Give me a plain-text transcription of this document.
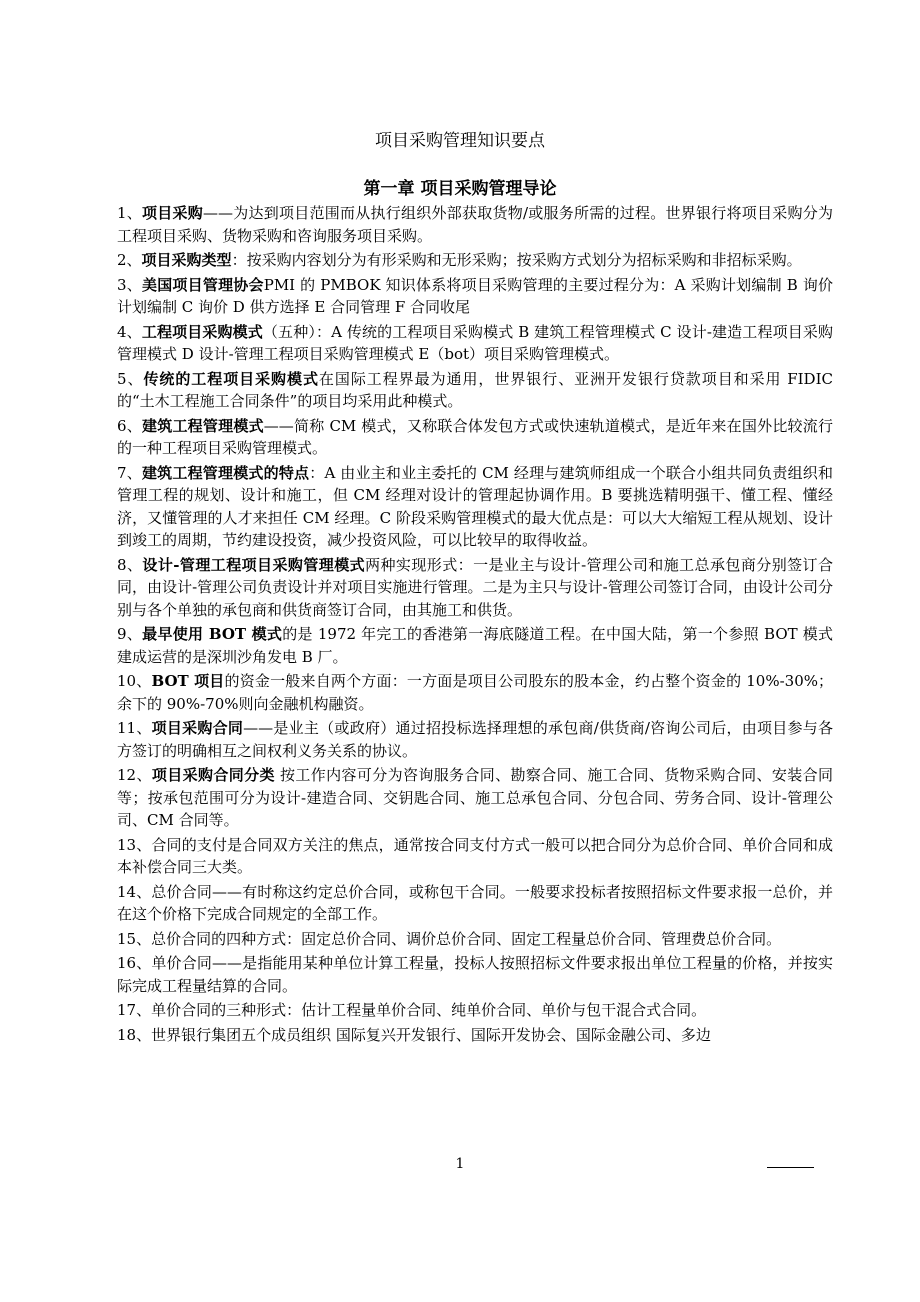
项目采购管理知识要点
第一章 项目采购管理导论

1、项目采购——为达到项目范围而从执行组织外部获取货物/或服务所需的过程。世界银行将项目采购分为工程项目采购、货物采购和咨询服务项目采购。

2、项目采购类型：按采购内容划分为有形采购和无形采购；按采购方式划分为招标采购和非招标采购。

3、美国项目管理协会PMI 的 PMBOK 知识体系将项目采购管理的主要过程分为：A 采购计划编制 B 询价计划编制 C 询价 D 供方选择 E 合同管理 F 合同收尾

4、工程项目采购模式（五种）：A 传统的工程项目采购模式 B 建筑工程管理模式 C 设计-建造工程项目采购管理模式 D 设计-管理工程项目采购管理模式 E（bot）项目采购管理模式。

5、传统的工程项目采购模式在国际工程界最为通用，世界银行、亚洲开发银行贷款项目和采用 FIDIC 的“土木工程施工合同条件”的项目均采用此种模式。

6、建筑工程管理模式——简称 CM 模式，又称联合体发包方式或快速轨道模式，是近年来在国外比较流行的一种工程项目采购管理模式。

7、建筑工程管理模式的特点：A 由业主和业主委托的 CM 经理与建筑师组成一个联合小组共同负责组织和管理工程的规划、设计和施工，但 CM 经理对设计的管理起协调作用。B 要挑选精明强干、懂工程、懂经济，又懂管理的人才来担任 CM 经理。C 阶段采购管理模式的最大优点是：可以大大缩短工程从规划、设计到竣工的周期，节约建设投资，减少投资风险，可以比较早的取得收益。

8、设计-管理工程项目采购管理模式两种实现形式：一是业主与设计-管理公司和施工总承包商分别签订合同，由设计-管理公司负责设计并对项目实施进行管理。二是为主只与设计-管理公司签订合同，由设计公司分别与各个单独的承包商和供货商签订合同，由其施工和供货。

9、最早使用 BOT 模式的是 1972 年完工的香港第一海底隧道工程。在中国大陆，第一个参照 BOT 模式建成运营的是深圳沙角发电 B 厂。

10、BOT 项目的资金一般来自两个方面：一方面是项目公司股东的股本金，约占整个资金的 10%-30%；余下的 90%-70%则向金融机构融资。

11、项目采购合同——是业主（或政府）通过招投标选择理想的承包商/供货商/咨询公司后，由项目参与各方签订的明确相互之间权利义务关系的协议。

12、项目采购合同分类 按工作内容可分为咨询服务合同、勘察合同、施工合同、货物采购合同、安装合同等；按承包范围可分为设计-建造合同、交钥匙合同、施工总承包合同、分包合同、劳务合同、设计-管理公司、CM 合同等。

13、合同的支付是合同双方关注的焦点，通常按合同支付方式一般可以把合同分为总价合同、单价合同和成本补偿合同三大类。

14、总价合同——有时称这约定总价合同，或称包干合同。一般要求投标者按照招标文件要求报一总价，并在这个价格下完成合同规定的全部工作。

15、总价合同的四种方式：固定总价合同、调价总价合同、固定工程量总价合同、管理费总价合同。

16、单价合同——是指能用某种单位计算工程量，投标人按照招标文件要求报出单位工程量的价格，并按实际完成工程量结算的合同。

17、单价合同的三种形式：估计工程量单价合同、纯单价合同、单价与包干混合式合同。

18、世界银行集团五个成员组织 国际复兴开发银行、国际开发协会、国际金融公司、多边

1
